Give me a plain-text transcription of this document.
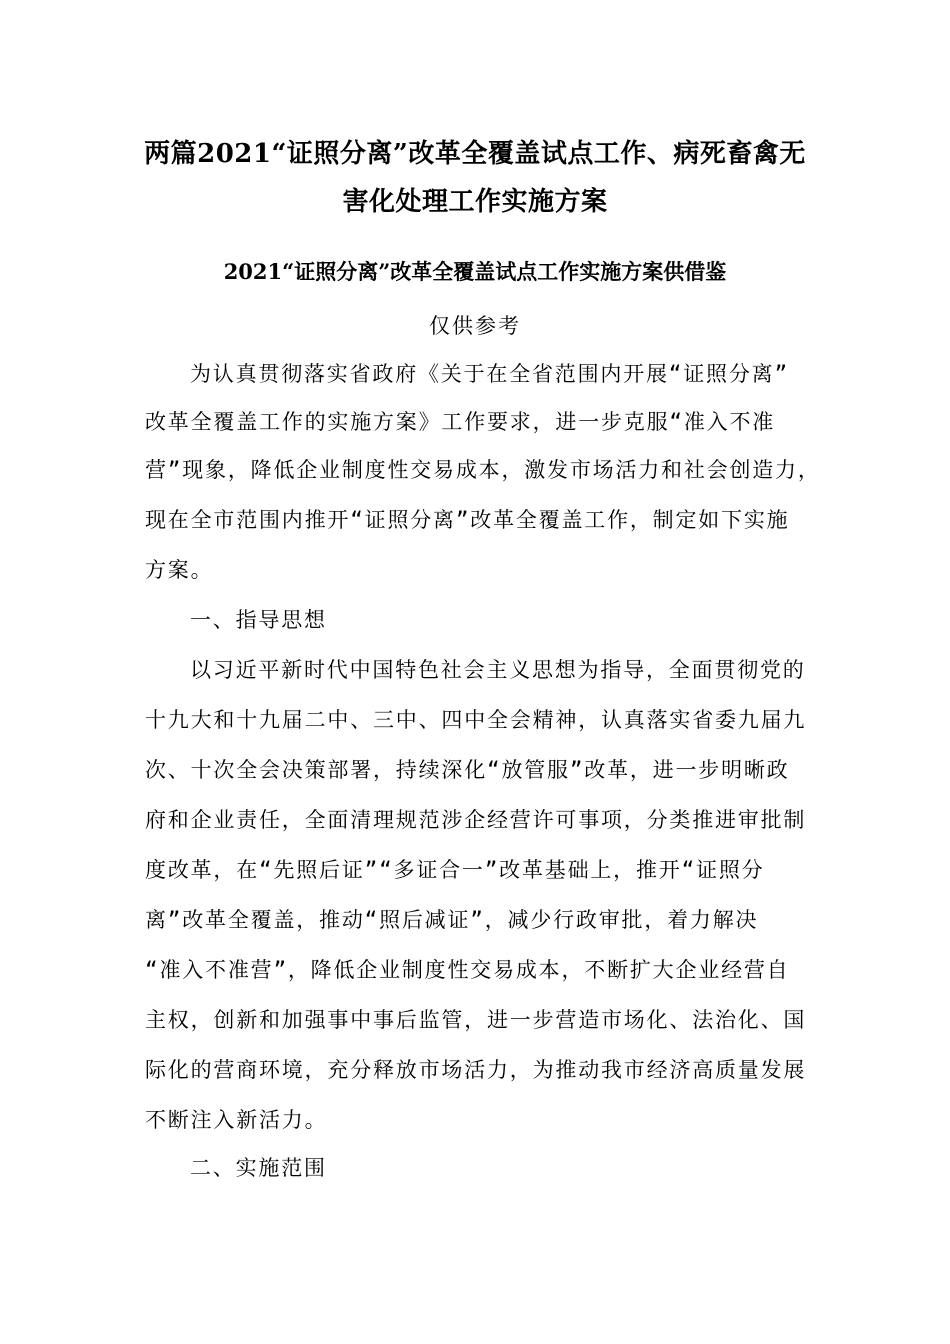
两篇2021“证照分离”改革全覆盖试点工作、病死畜禽无
害化处理工作实施方案
2021“证照分离”改革全覆盖试点工作实施方案供借鉴
仅供参考
为认真贯彻落实省政府《关于在全省范围内开展“证照分离”
改革全覆盖工作的实施方案》工作要求，进一步克服“准入不准
营”现象，降低企业制度性交易成本，激发市场活力和社会创造力，
现在全市范围内推开“证照分离”改革全覆盖工作，制定如下实施
方案。
一、指导思想
以习近平新时代中国特色社会主义思想为指导，全面贯彻党的
十九大和十九届二中、三中、四中全会精神，认真落实省委九届九
次、十次全会决策部署，持续深化“放管服”改革，进一步明晰政
府和企业责任，全面清理规范涉企经营许可事项，分类推进审批制
度改革，在“先照后证”“多证合一”改革基础上，推开“证照分
离”改革全覆盖，推动“照后减证”，减少行政审批，着力解决
“准入不准营”，降低企业制度性交易成本，不断扩大企业经营自
主权，创新和加强事中事后监管，进一步营造市场化、法治化、国
际化的营商环境，充分释放市场活力，为推动我市经济高质量发展
不断注入新活力。
二、实施范围
